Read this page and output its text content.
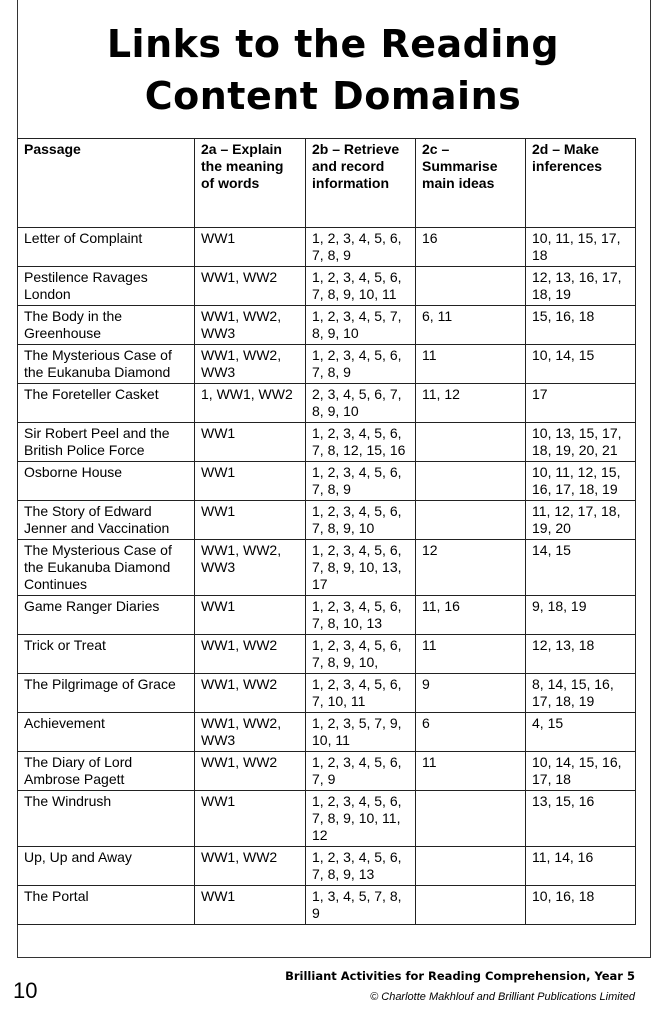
Links to the Reading
Content Domains
Passage	2a – Explain the meaning of words	2b – Retrieve and record information	2c – Summarise main ideas	2d – Make inferences
Letter of Complaint	WW1	1, 2, 3, 4, 5, 6, 7, 8, 9	16	10, 11, 15, 17, 18
Pestilence Ravages London	WW1, WW2	1, 2, 3, 4, 5, 6, 7, 8, 9, 10, 11		12, 13, 16, 17, 18, 19
The Body in the Greenhouse	WW1, WW2, WW3	1, 2, 3, 4, 5, 7, 8, 9, 10	6, 11	15, 16, 18
The Mysterious Case of the Eukanuba Diamond	WW1, WW2, WW3	1, 2, 3, 4, 5, 6, 7, 8, 9	11	10, 14, 15
The Foreteller Casket	1, WW1, WW2	2, 3, 4, 5, 6, 7, 8, 9, 10	11, 12	17
Sir Robert Peel and the British Police Force	WW1	1, 2, 3, 4, 5, 6, 7, 8, 12, 15, 16		10, 13, 15, 17, 18, 19, 20, 21
Osborne House	WW1	1, 2, 3, 4, 5, 6, 7, 8, 9		10, 11, 12, 15, 16, 17, 18, 19
The Story of Edward Jenner and Vaccination	WW1	1, 2, 3, 4, 5, 6, 7, 8, 9, 10		11, 12, 17, 18, 19, 20
The Mysterious Case of the Eukanuba Diamond Continues	WW1, WW2, WW3	1, 2, 3, 4, 5, 6, 7, 8, 9, 10, 13, 17	12	14, 15
Game Ranger Diaries	WW1	1, 2, 3, 4, 5, 6, 7, 8, 10, 13	11, 16	9, 18, 19
Trick or Treat	WW1, WW2	1, 2, 3, 4, 5, 6, 7, 8, 9, 10,	11	12, 13, 18
The Pilgrimage of Grace	WW1, WW2	1, 2, 3, 4, 5, 6, 7, 10, 11	9	8, 14, 15, 16, 17, 18, 19
Achievement	WW1, WW2, WW3	1, 2, 3, 5, 7, 9, 10, 11	6	4, 15
The Diary of Lord Ambrose Pagett	WW1, WW2	1, 2, 3, 4, 5, 6, 7, 9	11	10, 14, 15, 16, 17, 18
The Windrush	WW1	1, 2, 3, 4, 5, 6, 7, 8, 9, 10, 11, 12		13, 15, 16
Up, Up and Away	WW1, WW2	1, 2, 3, 4, 5, 6, 7, 8, 9, 13		11, 14, 16
The Portal	WW1	1, 3, 4, 5, 7, 8, 9		10, 16, 18
10
Brilliant Activities for Reading Comprehension, Year 5
© Charlotte Makhlouf and Brilliant Publications Limited
